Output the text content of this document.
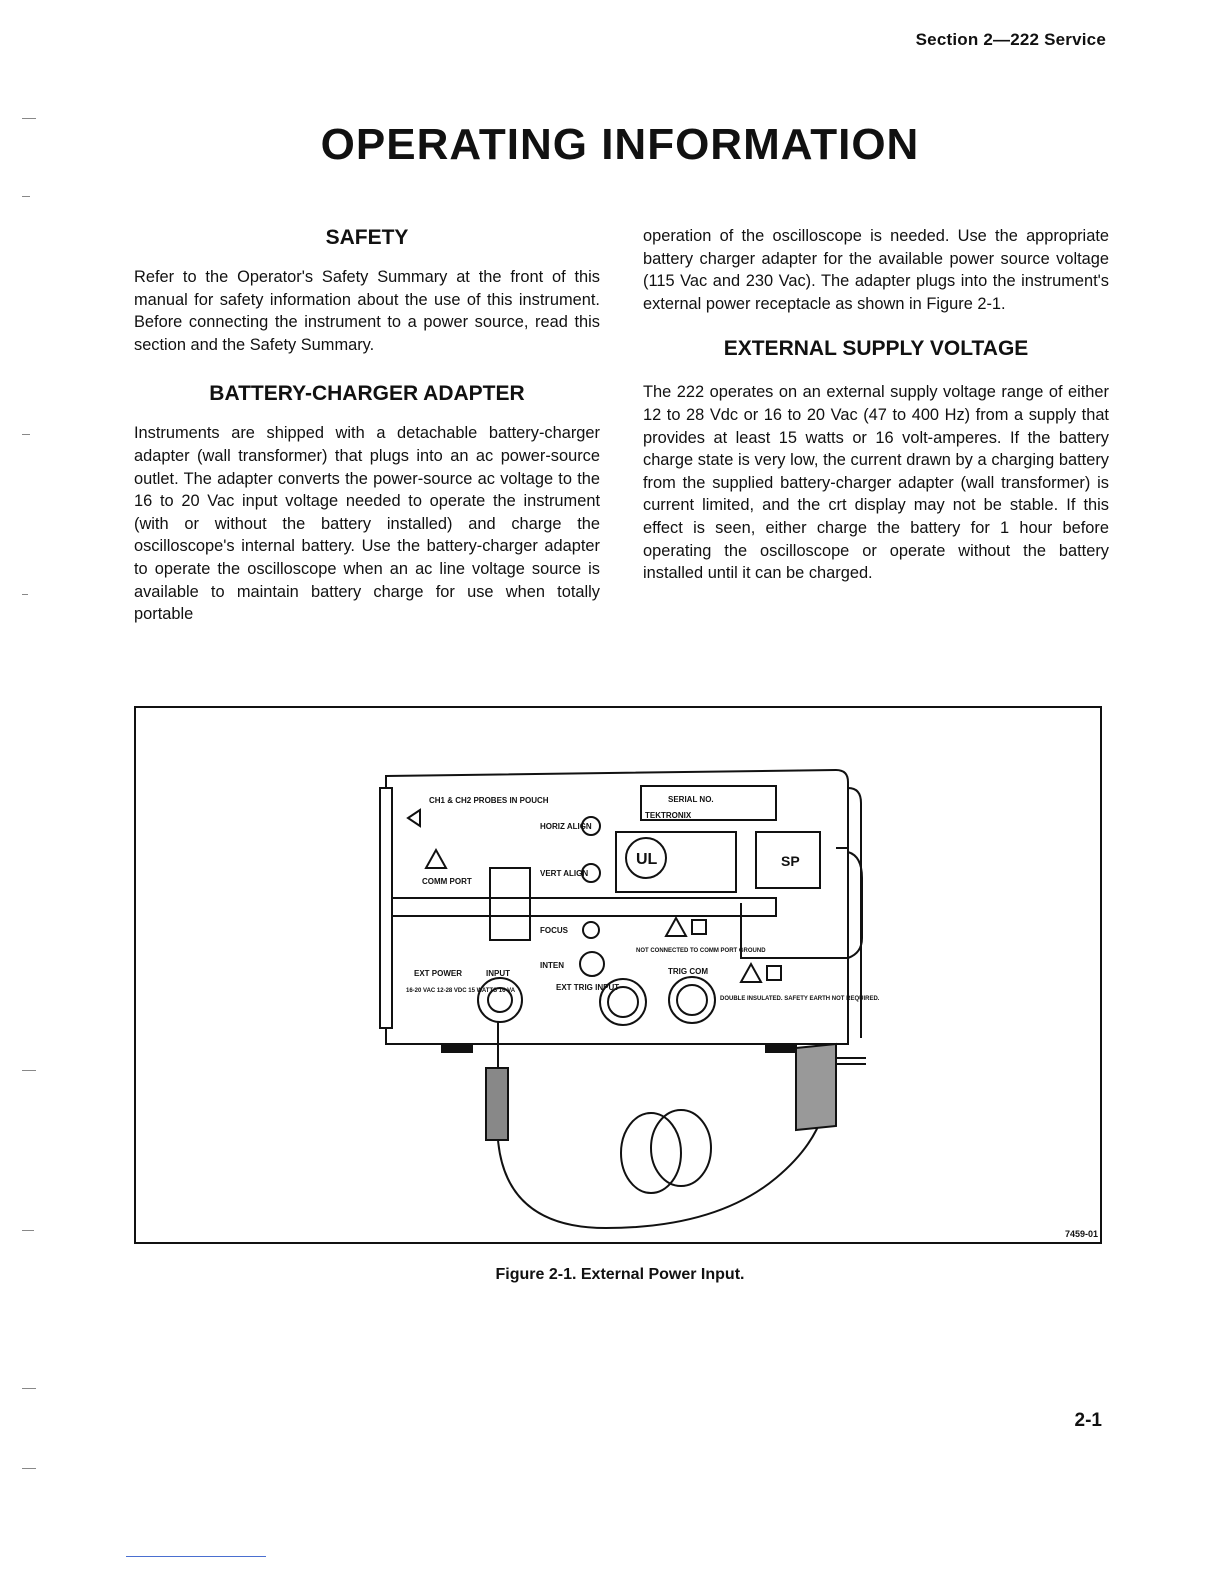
Section 2—222 Service
OPERATING INFORMATION
SAFETY

Refer to the Operator's Safety Summary at the front of this manual for safety information about the use of this instrument. Before connecting the instrument to a power source, read this section and the Safety Summary.

BATTERY-CHARGER ADAPTER

Instruments are shipped with a detachable battery-charger adapter (wall transformer) that plugs into an ac power-source outlet. The adapter converts the power-source ac voltage to the 16 to 20 Vac input voltage needed to operate the instrument (with or without the battery installed) and charge the oscilloscope's internal battery. Use the battery-charger adapter to operate the oscilloscope when an ac line voltage source is available to maintain battery charge for use when totally portable

operation of the oscilloscope is needed. Use the appropriate battery charger adapter for the available power source voltage (115 Vac and 230 Vac). The adapter plugs into the instrument's external power receptacle as shown in Figure 2-1.

EXTERNAL SUPPLY VOLTAGE

The 222 operates on an external supply voltage range of either 12 to 28 Vdc or 16 to 20 Vac (47 to 400 Hz) from a supply that provides at least 15 watts or 16 volt-amperes. If the battery charge state is very low, the current drawn by a charging battery from the supplied battery-charger adapter (wall transformer) is current limited, and the crt display may not be stable. If this effect is seen, either charge the battery for 1 hour before operating the oscilloscope or operate without the battery installed until it can be charged.

CH1 & CH2 PROBES IN POUCH	SERIAL NO.
TEKTRONIX
HORIZ ALIGN
VERT ALIGN
UL	SP
COMM PORT
FOCUS
INTEN
NOT CONNECTED TO COMM PORT GROUND
EXT POWER
16-20 VAC 12-28 VDC 15 WATTS 16 VA
INPUT
EXT TRIG INPUT
TRIG COM
DOUBLE INSULATED. SAFETY EARTH NOT REQUIRED.
7459-01
Figure 2-1. External Power Input.
2-1
